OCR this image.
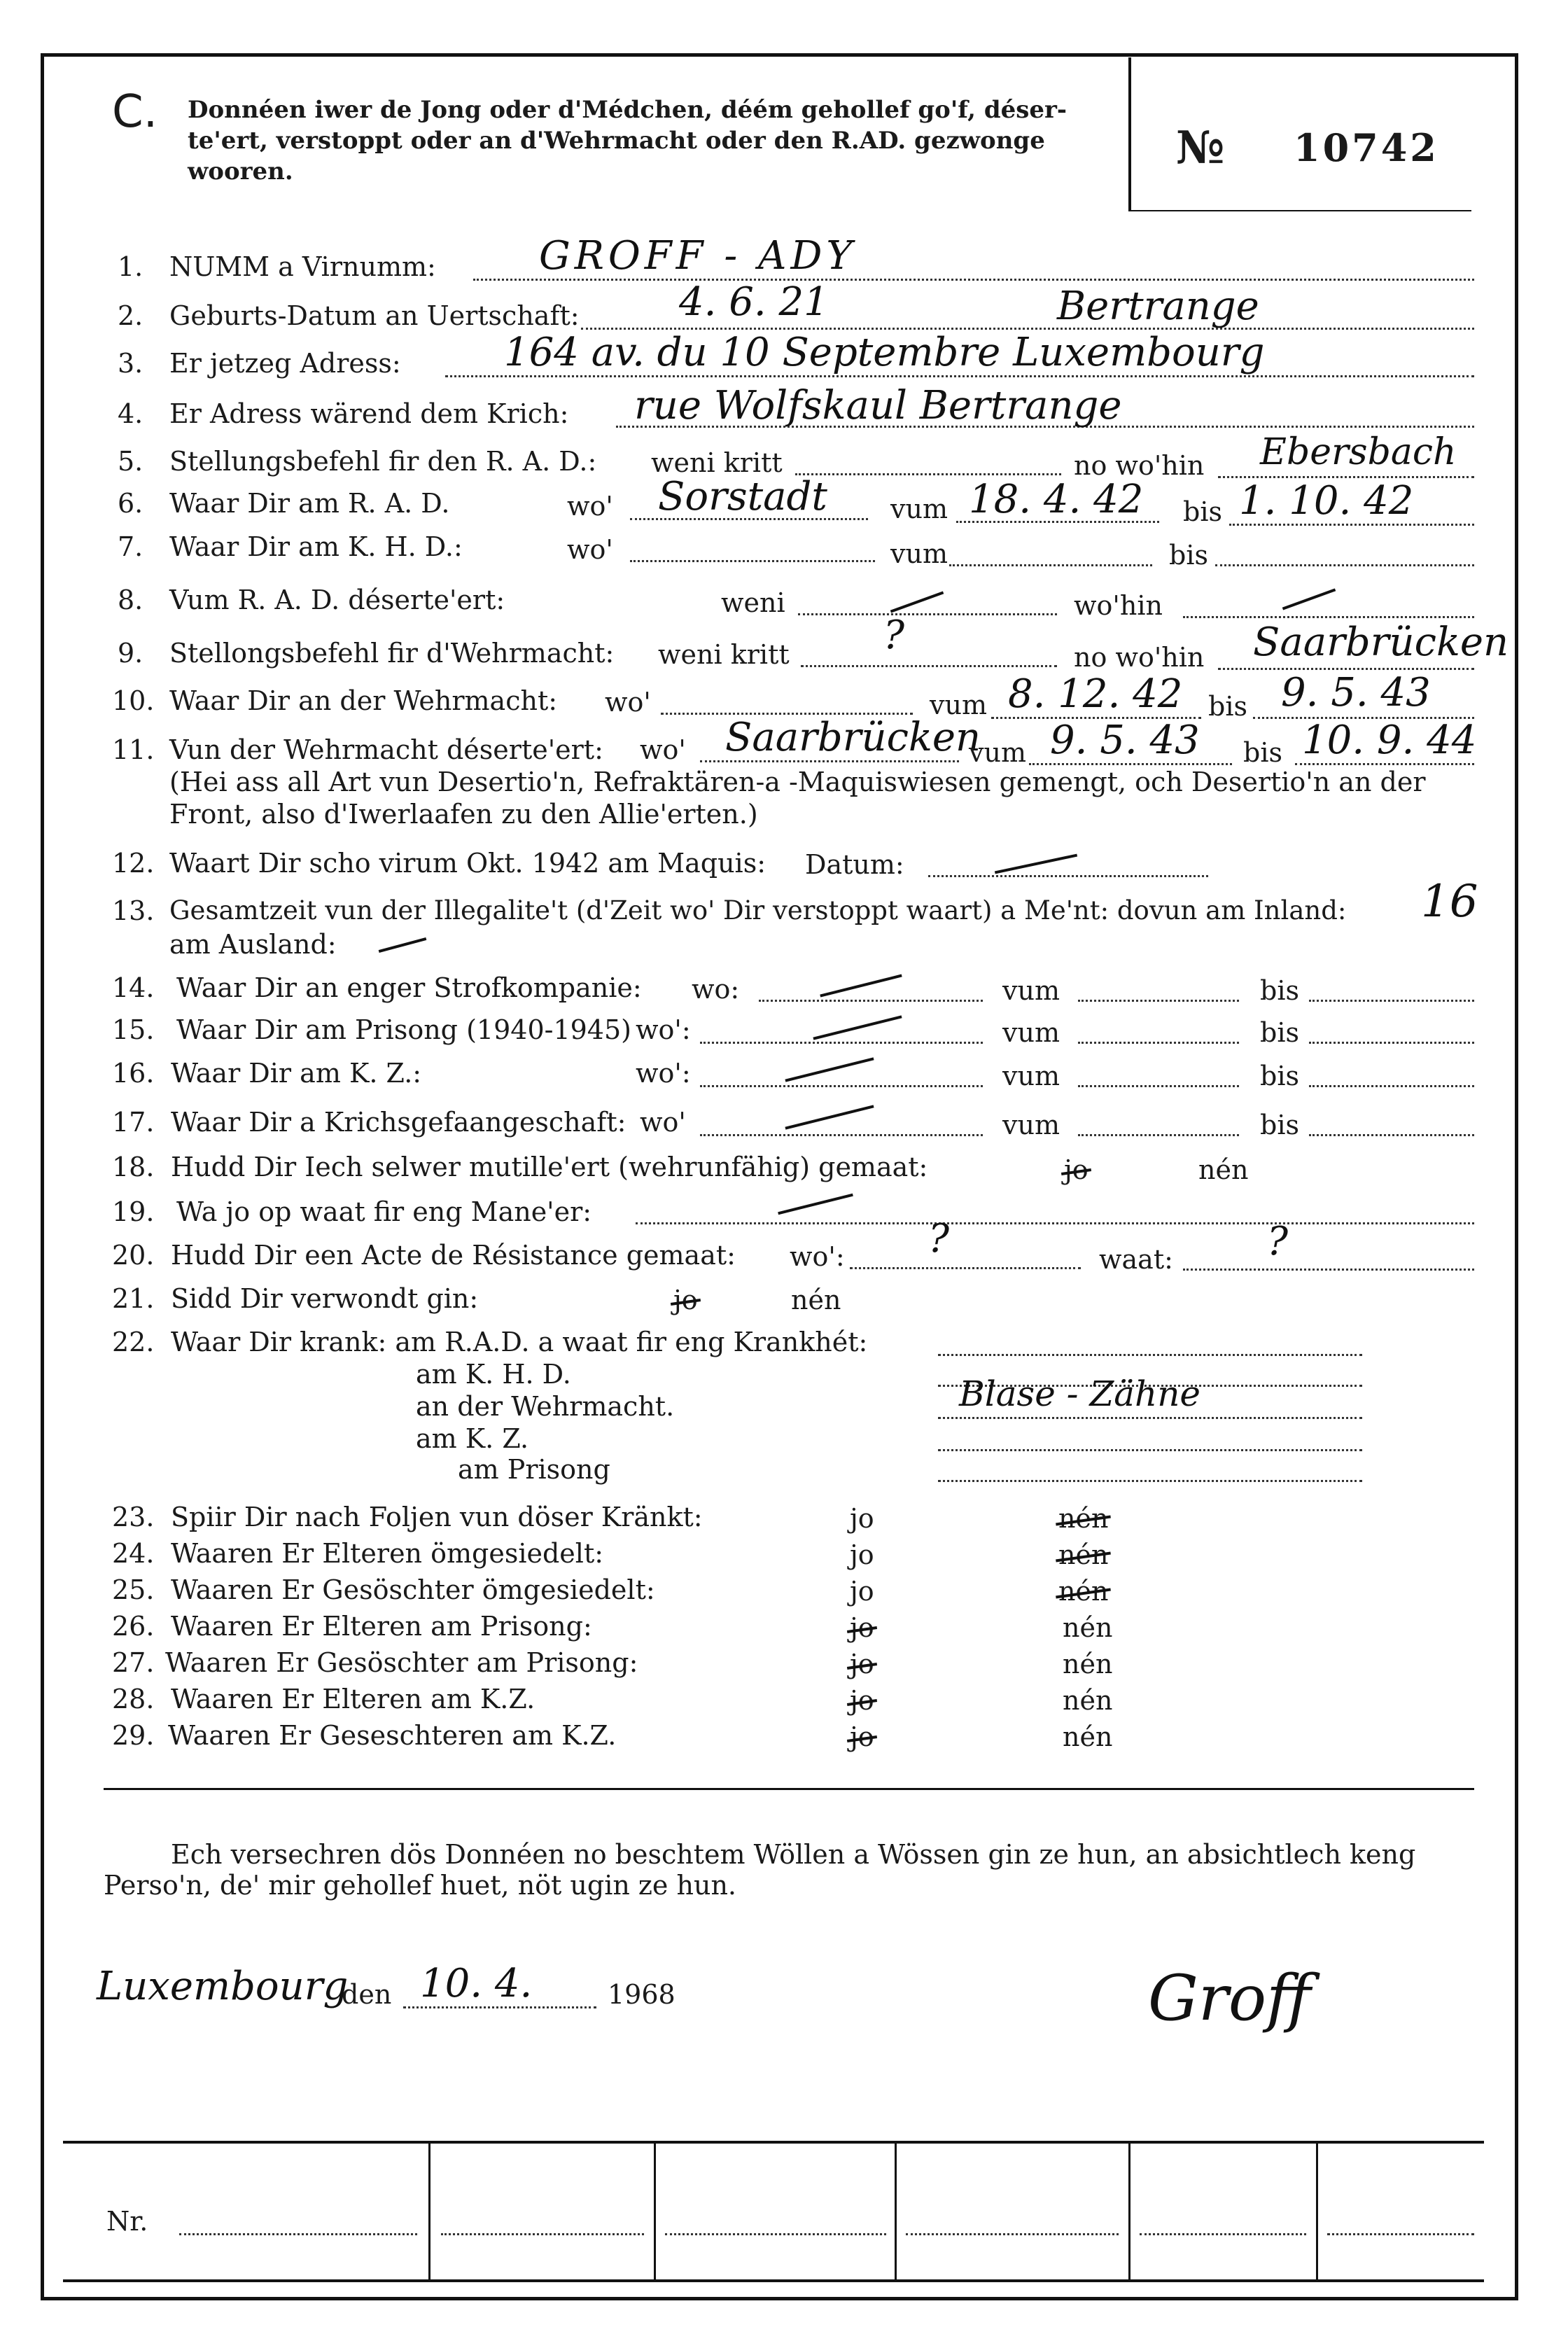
C. Donnéen iwer de Jong oder d'Médchen, déém gehollef go'f, déser-
te'ert, verstoppt oder an d'Wehrmacht oder den R.AD. gezwonge
wooren.	№ 10742
1. NUMM a Virnumm:	GROFF - ADY
2. Geburts-Datum an Uertschaft:	4. 6. 21	Bertrange
3. Er jetzeg Adress:	164 av. du 10 Septembre Luxembourg
4. Er Adress wärend dem Krich: rue Wolfskaul Bertrange
5. Stellungsbefehl fir den R. A. D.: weni kritt	no wo'hin Ebersbach
6. Waar Dir am R. A. D.	wo' Sorstadt vum 18. 4. 42 bis 1. 10. 42
7. Waar Dir am K. H. D.:	wo'	vum	bis
8. Vum R. A. D. déserte'ert:	weni	wo'hin
9. Stellongsbefehl fir d'Wehrmacht: weni kritt ?	no wo'hin Saarbrücken
10. Waar Dir an der Wehrmacht: wo'	vum 8. 12. 42 bis 9. 5. 43
11. Vun der Wehrmacht déserte'ert: wo' Saarbrücken
vum 9. 5. 43 bis 10. 9. 44
(Hei ass all Art vun Desertio'n, Refraktären-a -Maquiswiesen gemengt, och Desertio'n an der
Front, also d'Iwerlaafen zu den Allie'erten.)
12. Waart Dir scho virum Okt. 1942 am Maquis: Datum:
13. Gesamtzeit vun der Illegalite't (d'Zeit wo' Dir verstoppt waart) a Me'nt: dovun am Inland: 16
am Ausland:
14. Waar Dir an enger Strofkompanie: wo:	vum	bis
15. Waar Dir am Prisong (1940-1945) wo':	vum	bis
16. Waar Dir am K. Z.:	wo':	vum	bis
17. Waar Dir a Krichsgefaangeschaft: wo'	vum	bis
18. Hudd Dir Iech selwer mutille'ert (wehrunfähig) gemaat:	jo	nén
19. Wa jo op waat fir eng Mane'er:
20. Hudd Dir een Acte de Résistance gemaat: wo': ?	waat: ?
21. Sidd Dir verwondt gin:	jo	nén
22. Waar Dir krank: am R.A.D. a waat fir eng Krankhét:
am K. H. D.
an der Wehrmacht.	Blase - Zähne
am K. Z.
am Prisong
23. Spiir Dir nach Foljen vun döser Kränkt:	jo	nén
24. Waaren Er Elteren ömgesiedelt:	jo	nén
25. Waaren Er Gesöschter ömgesiedelt:	jo	nén
26. Waaren Er Elteren am Prisong:	jo	nén
27. Waaren Er Gesöschter am Prisong:	jo	nén
28. Waaren Er Elteren am K.Z.	jo	nén
29. Waaren Er Geseschteren am K.Z.	jo	nén
Ech versechren dös Donnéen no beschtem Wöllen a Wössen gin ze hun, an absichtlech keng
Perso'n, de' mir gehollef huet, nöt ugin ze hun.
Luxembourg
den 10. 4.	1968	Groff
Nr.
